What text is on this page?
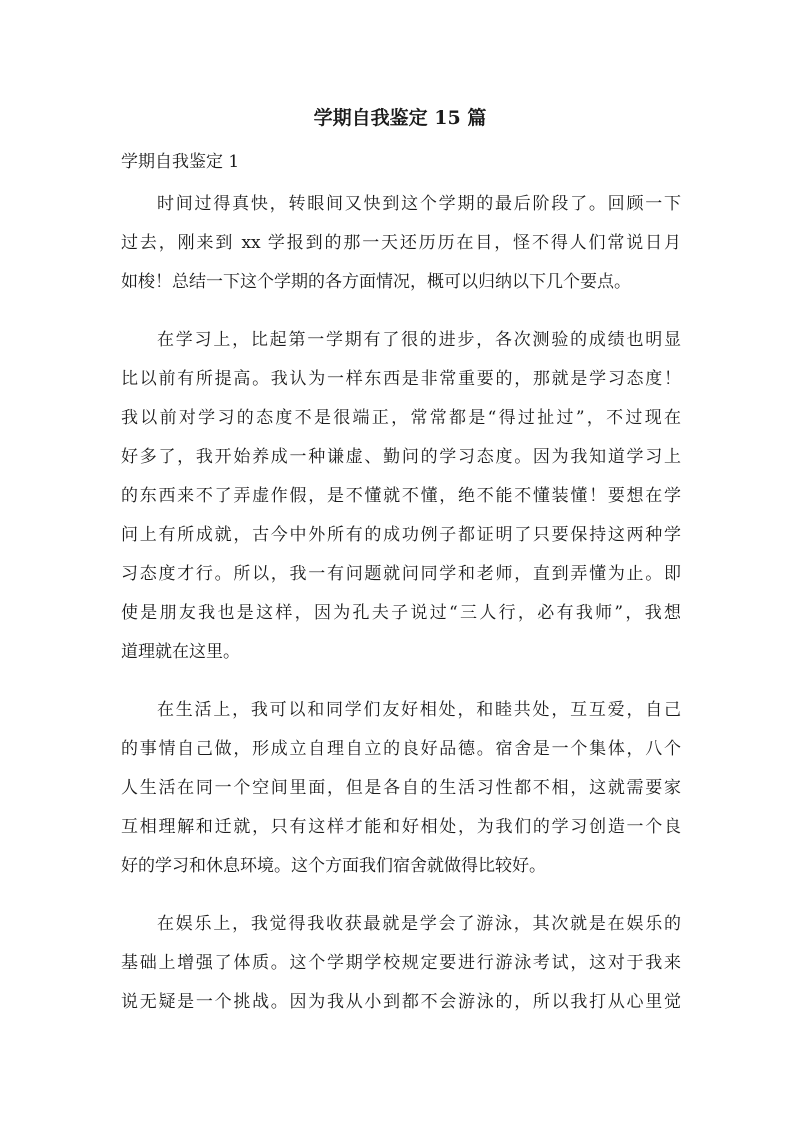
学期自我鉴定 15 篇
学期自我鉴定 1
时间过得真快，转眼间又快到这个学期的最后阶段了。回顾一下
过去，刚来到 xx 学报到的那一天还历历在目，怪不得人们常说日月
如梭！总结一下这个学期的各方面情况，概可以归纳以下几个要点。
在学习上，比起第一学期有了很的进步，各次测验的成绩也明显
比以前有所提高。我认为一样东西是非常重要的，那就是学习态度！
我以前对学习的态度不是很端正，常常都是“得过扯过”，不过现在
好多了，我开始养成一种谦虚、勤问的学习态度。因为我知道学习上
的东西来不了弄虚作假，是不懂就不懂，绝不能不懂装懂！要想在学
问上有所成就，古今中外所有的成功例子都证明了只要保持这两种学
习态度才行。所以，我一有问题就问同学和老师，直到弄懂为止。即
使是朋友我也是这样，因为孔夫子说过“三人行，必有我师”，我想
道理就在这里。
在生活上，我可以和同学们友好相处，和睦共处，互互爱，自己
的事情自己做，形成立自理自立的良好品德。宿舍是一个集体，八个
人生活在同一个空间里面，但是各自的生活习性都不相，这就需要家
互相理解和迁就，只有这样才能和好相处，为我们的学习创造一个良
好的学习和休息环境。这个方面我们宿舍就做得比较好。
在娱乐上，我觉得我收获最就是学会了游泳，其次就是在娱乐的
基础上增强了体质。这个学期学校规定要进行游泳考试，这对于我来
说无疑是一个挑战。因为我从小到都不会游泳的，所以我打从心里觉
